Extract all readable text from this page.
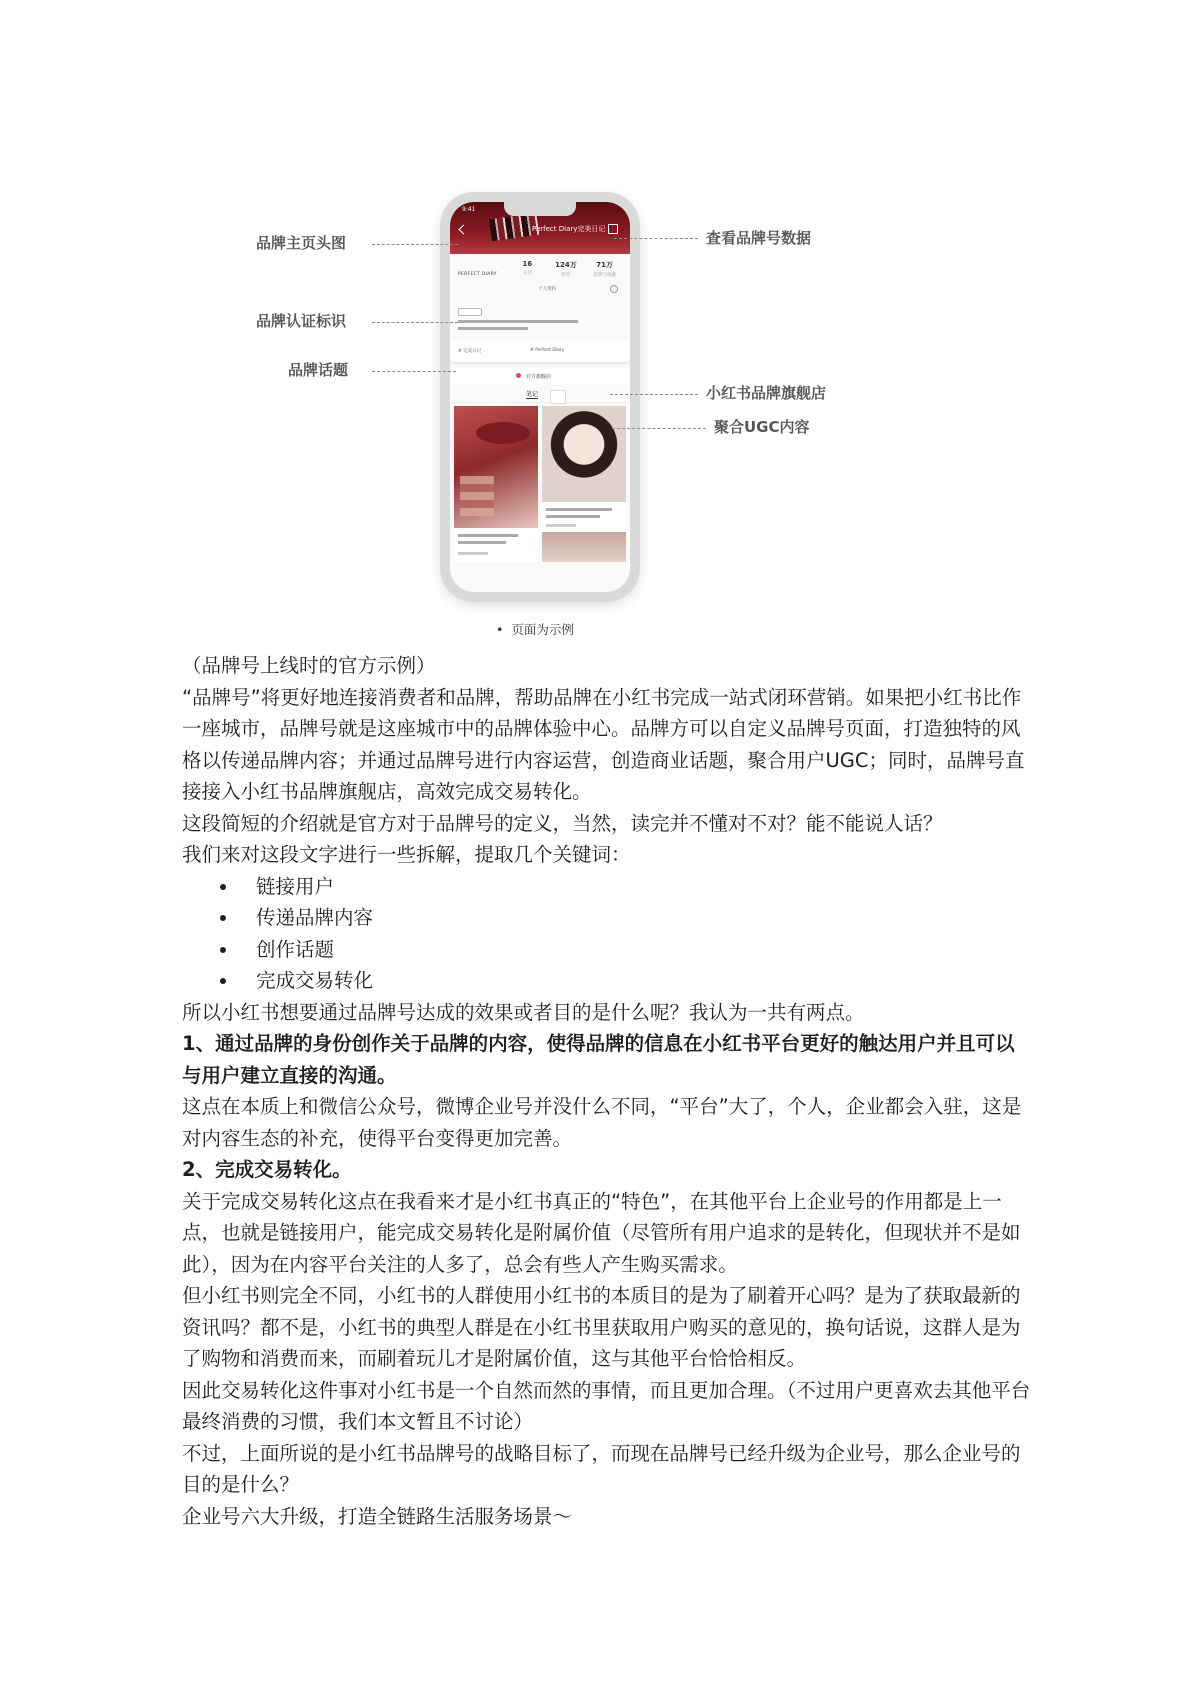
9:41
Perfect Diary完美日记
16
关注
124万
粉丝
71万
获赞与收藏
PERFECT DIARY
个人资料
# 完美日记	# Perfect Diary
官方旗舰店
笔记
品牌主页头图
品牌认证标识
品牌话题
查看品牌号数据
小红书品牌旗舰店
聚合UGC内容
• 页面为示例

（品牌号上线时的官方示例）

“品牌号”将更好地连接消费者和品牌，帮助品牌在小红书完成一站式闭环营销。如果把小红书比作一座城市，品牌号就是这座城市中的品牌体验中心。品牌方可以自定义品牌号页面，打造独特的风格以传递品牌内容；并通过品牌号进行内容运营，创造商业话题，聚合用户UGC；同时，品牌号直接接入小红书品牌旗舰店，高效完成交易转化。

这段简短的介绍就是官方对于品牌号的定义，当然，读完并不懂对不对？能不能说人话？

我们来对这段文字进行一些拆解，提取几个关键词：

链接用户
传递品牌内容
创作话题
完成交易转化

所以小红书想要通过品牌号达成的效果或者目的是什么呢？我认为一共有两点。

1、通过品牌的身份创作关于品牌的内容，使得品牌的信息在小红书平台更好的触达用户并且可以与用户建立直接的沟通。

这点在本质上和微信公众号，微博企业号并没什么不同，“平台”大了，个人，企业都会入驻，这是对内容生态的补充，使得平台变得更加完善。

2、完成交易转化。

关于完成交易转化这点在我看来才是小红书真正的“特色”，在其他平台上企业号的作用都是上一点，也就是链接用户，能完成交易转化是附属价值（尽管所有用户追求的是转化，但现状并不是如此），因为在内容平台关注的人多了，总会有些人产生购买需求。

但小红书则完全不同，小红书的人群使用小红书的本质目的是为了刷着开心吗？是为了获取最新的资讯吗？都不是，小红书的典型人群是在小红书里获取用户购买的意见的，换句话说，这群人是为了购物和消费而来，而刷着玩儿才是附属价值，这与其他平台恰恰相反。

因此交易转化这件事对小红书是一个自然而然的事情，而且更加合理。（不过用户更喜欢去其他平台最终消费的习惯，我们本文暂且不讨论）

不过，上面所说的是小红书品牌号的战略目标了，而现在品牌号已经升级为企业号，那么企业号的目的是什么？

企业号六大升级，打造全链路生活服务场景～
